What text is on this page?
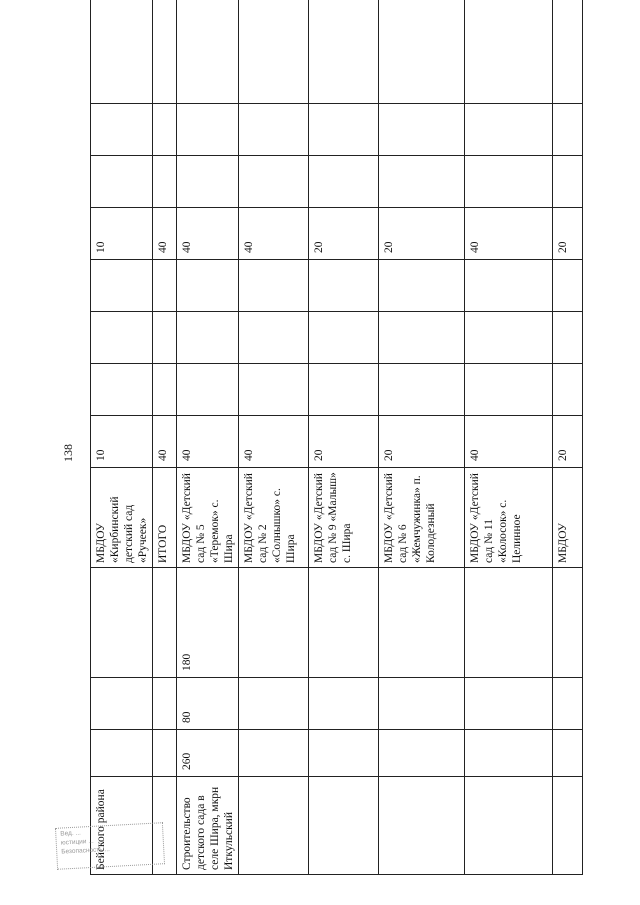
138
Бейского района				МБДОУ «Кирбинский детский сад «Ручеек»	10				10			
				ИТОГО	40				40			
Строительство детского сада в селе Шира, мкрн Иткульский	260	80	180	МБДОУ «Детский сад № 5 «Теремок» с. Шира	40				40			
				МБДОУ «Детский сад № 2 «Солнышко» с. Шира	40				40			
				МБДОУ «Детский сад № 9 «Малыш» с. Шира	20				20			
				МБДОУ «Детский сад № 6 «Жемчужинка» п. Колодезный	20				20			
				МБДОУ «Детский сад № 11 «Колосок» с. Целинное	40				40			
				МБДОУ	20				20			
Вед. ...
юстиции ...
Безопасность ...
